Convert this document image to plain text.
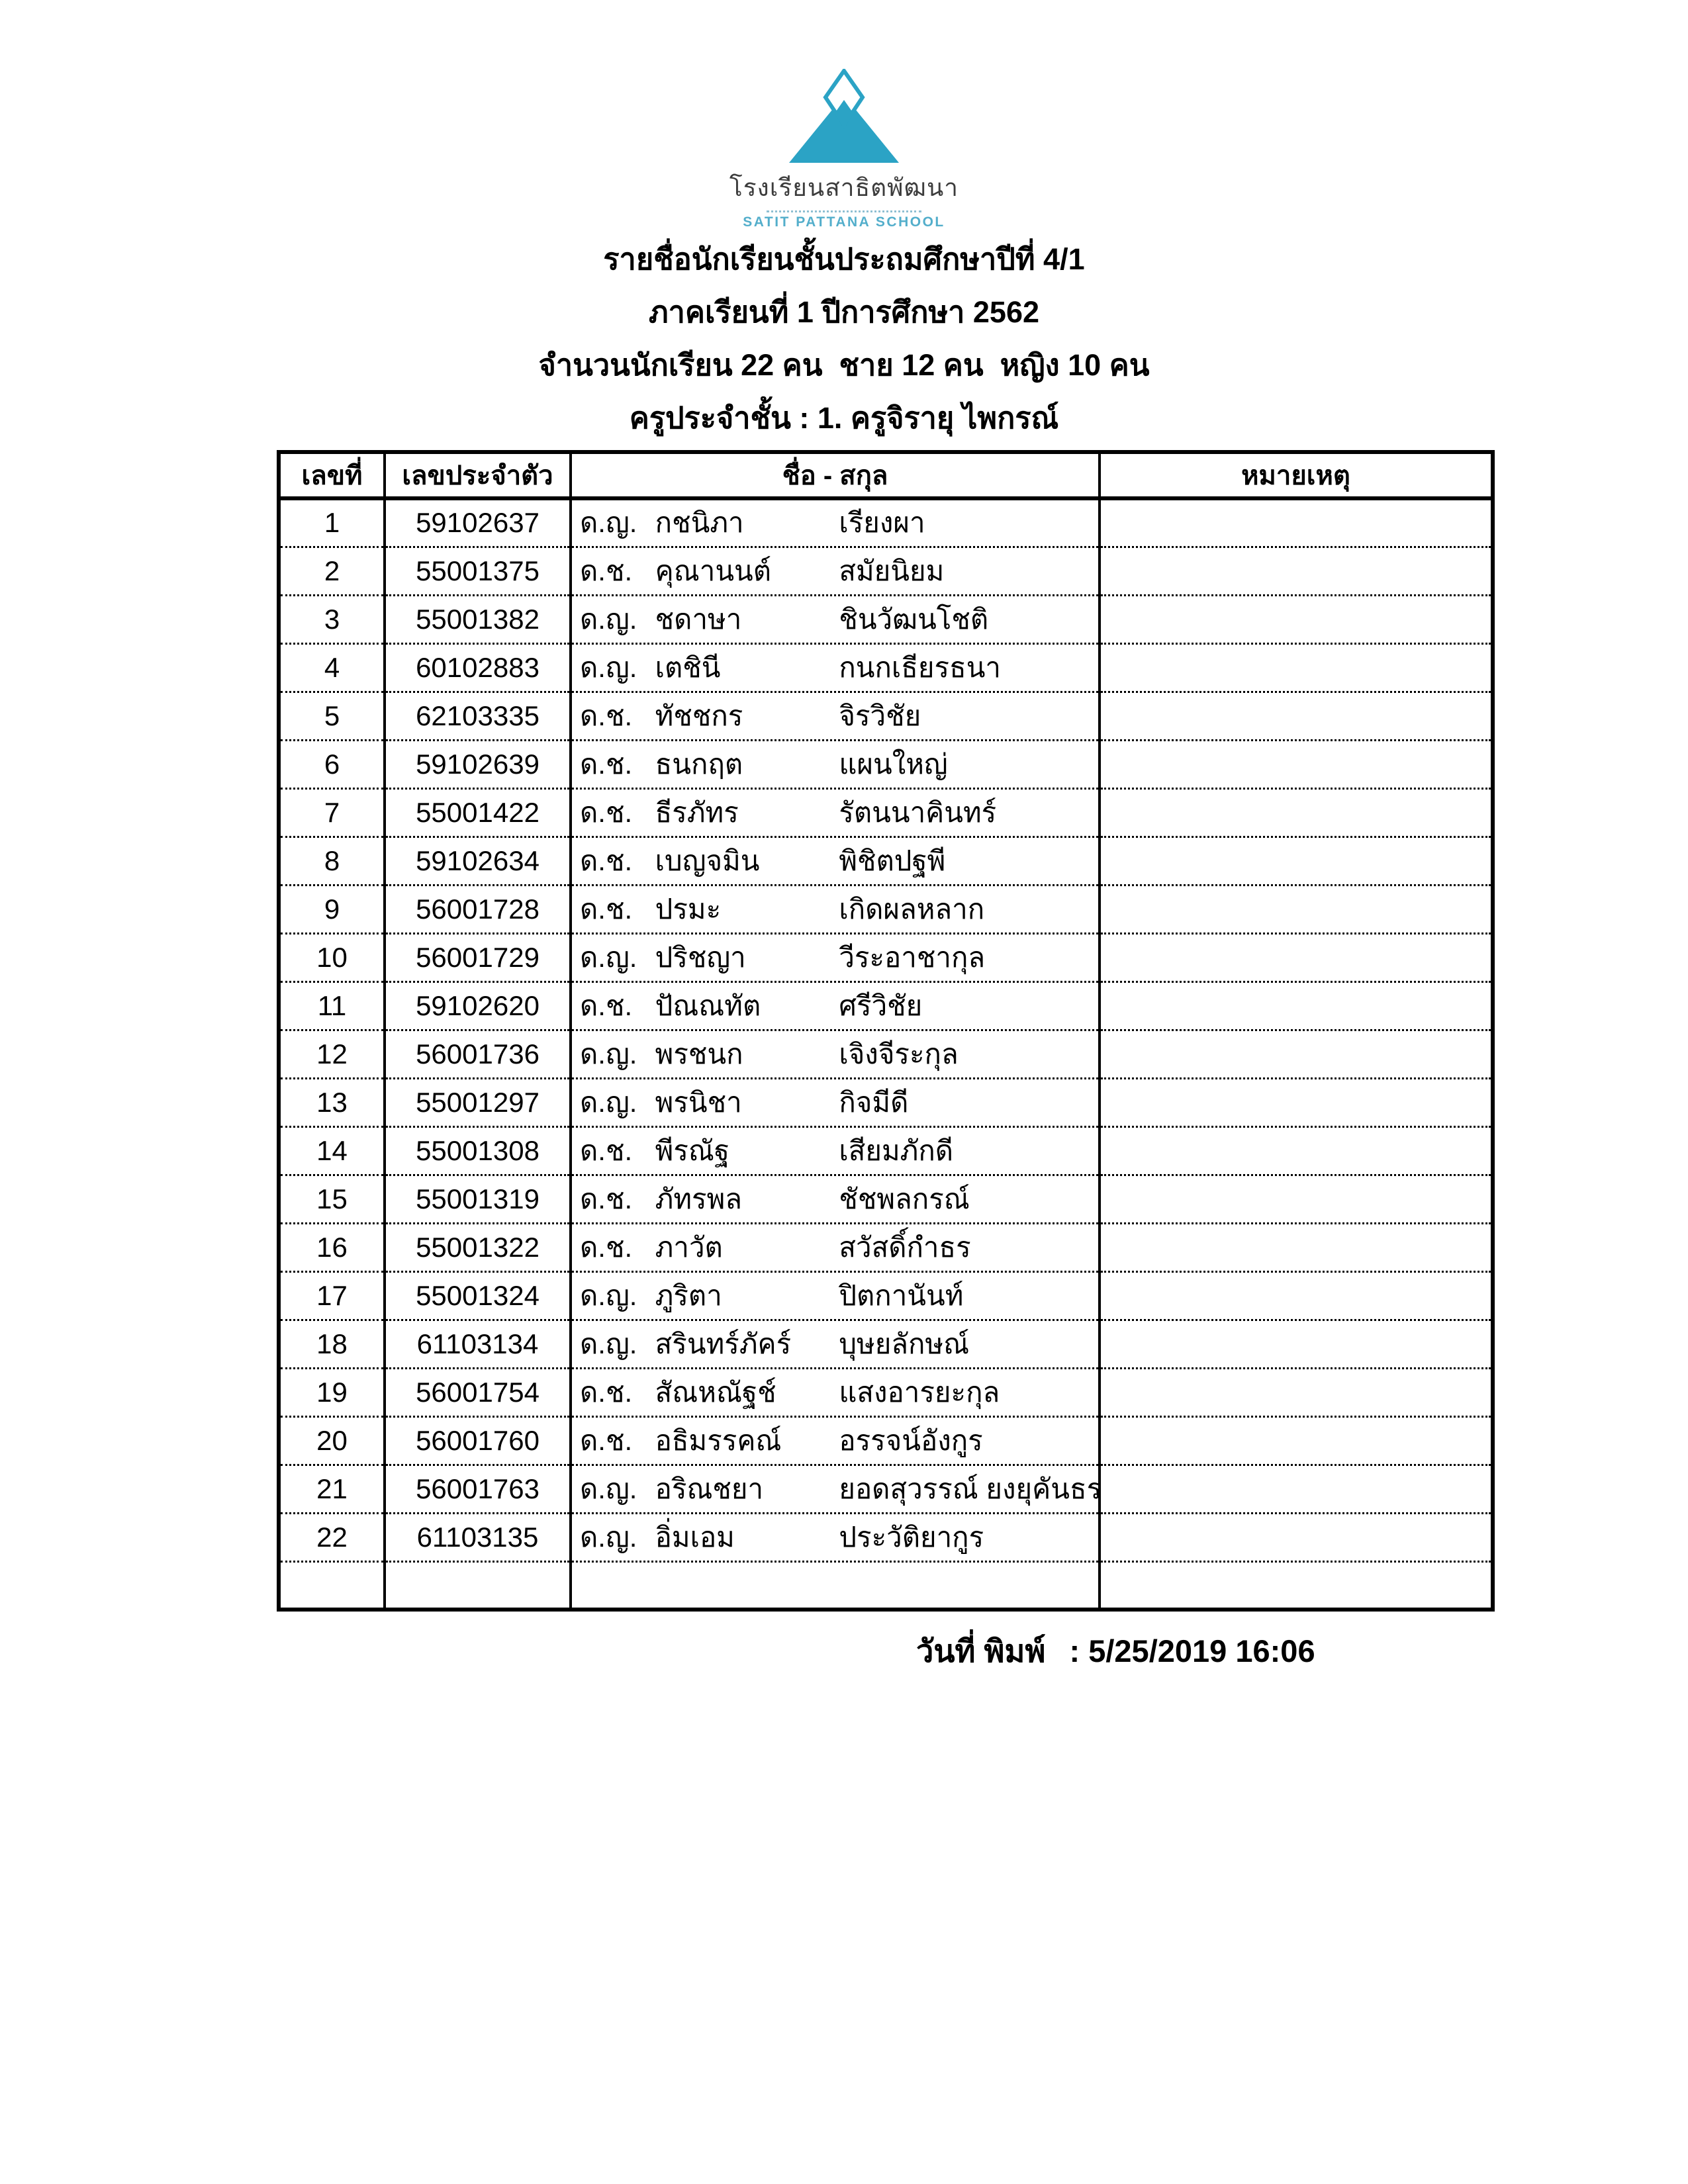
โรงเรียนสาธิตพัฒนา
SATIT PATTANA SCHOOL
รายชื่อนักเรียนชั้นประถมศึกษาปีที่ 4/1
ภาคเรียนที่ 1 ปีการศึกษา 2562
จำนวนนักเรียน 22 คน  ชาย 12 คน  หญิง 10 คน
ครูประจำชั้น : 1. ครูจิรายุ ไพกรณ์
เลขที่	เลขประจำตัว	ชื่อ - สกุล	หมายเหตุ
1	59102637	ด.ญ. กชนิภา เรียงผา	
2	55001375	ด.ช. คุณานนต์ สมัยนิยม	
3	55001382	ด.ญ. ชดาษา ชินวัฒนโชติ	
4	60102883	ด.ญ. เตชินี กนกเธียรธนา	
5	62103335	ด.ช. ทัชชกร จิรวิชัย	
6	59102639	ด.ช. ธนกฤต แผนใหญ่	
7	55001422	ด.ช. ธีรภัทร รัตนนาคินทร์	
8	59102634	ด.ช. เบญจมิน พิชิตปฐพี	
9	56001728	ด.ช. ปรมะ เกิดผลหลาก	
10	56001729	ด.ญ. ปริชญา วีระอาชากุล	
11	59102620	ด.ช. ปัณณทัต ศรีวิชัย	
12	56001736	ด.ญ. พรชนก เจิงจีระกุล	
13	55001297	ด.ญ. พรนิชา กิจมีดี	
14	55001308	ด.ช. พีรณัฐ เสียมภักดี	
15	55001319	ด.ช. ภัทรพล ชัชพลกรณ์	
16	55001322	ด.ช. ภาวัต สวัสดิ์กำธร	
17	55001324	ด.ญ. ภูริตา ปิตกานันท์	
18	61103134	ด.ญ. สรินทร์ภัคร์ บุษยลักษณ์	
19	56001754	ด.ช. สัณหณัฐช์ แสงอารยะกุล	
20	56001760	ด.ช. อธิมรรคณ์ อรรจน์อังกูร	
21	56001763	ด.ญ. อริณชยา ยอดสุวรรณ์ ยงยุคันธร	
22	61103135	ด.ญ. อิ่มเอม ประวัติยากูร	

วันที่ พิมพ์ : 5/25/2019 16:06
